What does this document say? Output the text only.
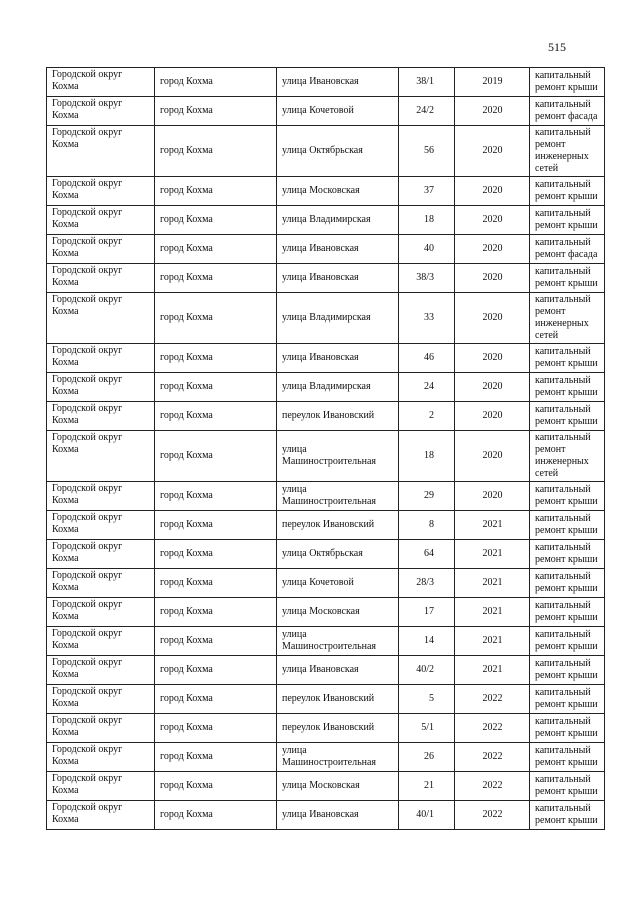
515
Городской округ Кохма	город Кохма	улица Ивановская	38/1	2019	капитальный ремонт крыши
Городской округ Кохма	город Кохма	улица Кочетовой	24/2	2020	капитальный ремонт фасада
Городской округ Кохма	город Кохма	улица Октябрьская	56	2020	капитальный ремонт инженерных сетей
Городской округ Кохма	город Кохма	улица Московская	37	2020	капитальный ремонт крыши
Городской округ Кохма	город Кохма	улица Владимирская	18	2020	капитальный ремонт крыши
Городской округ Кохма	город Кохма	улица Ивановская	40	2020	капитальный ремонт фасада
Городской округ Кохма	город Кохма	улица Ивановская	38/3	2020	капитальный ремонт крыши
Городской округ Кохма	город Кохма	улица Владимирская	33	2020	капитальный ремонт инженерных сетей
Городской округ Кохма	город Кохма	улица Ивановская	46	2020	капитальный ремонт крыши
Городской округ Кохма	город Кохма	улица Владимирская	24	2020	капитальный ремонт крыши
Городской округ Кохма	город Кохма	переулок Ивановский	2	2020	капитальный ремонт крыши
Городской округ Кохма	город Кохма	улица Машиностроительная	18	2020	капитальный ремонт инженерных сетей
Городской округ Кохма	город Кохма	улица Машиностроительная	29	2020	капитальный ремонт крыши
Городской округ Кохма	город Кохма	переулок Ивановский	8	2021	капитальный ремонт крыши
Городской округ Кохма	город Кохма	улица Октябрьская	64	2021	капитальный ремонт крыши
Городской округ Кохма	город Кохма	улица Кочетовой	28/3	2021	капитальный ремонт крыши
Городской округ Кохма	город Кохма	улица Московская	17	2021	капитальный ремонт крыши
Городской округ Кохма	город Кохма	улица Машиностроительная	14	2021	капитальный ремонт крыши
Городской округ Кохма	город Кохма	улица Ивановская	40/2	2021	капитальный ремонт крыши
Городской округ Кохма	город Кохма	переулок Ивановский	5	2022	капитальный ремонт крыши
Городской округ Кохма	город Кохма	переулок Ивановский	5/1	2022	капитальный ремонт крыши
Городской округ Кохма	город Кохма	улица Машиностроительная	26	2022	капитальный ремонт крыши
Городской округ Кохма	город Кохма	улица Московская	21	2022	капитальный ремонт крыши
Городской округ Кохма	город Кохма	улица Ивановская	40/1	2022	капитальный ремонт крыши
